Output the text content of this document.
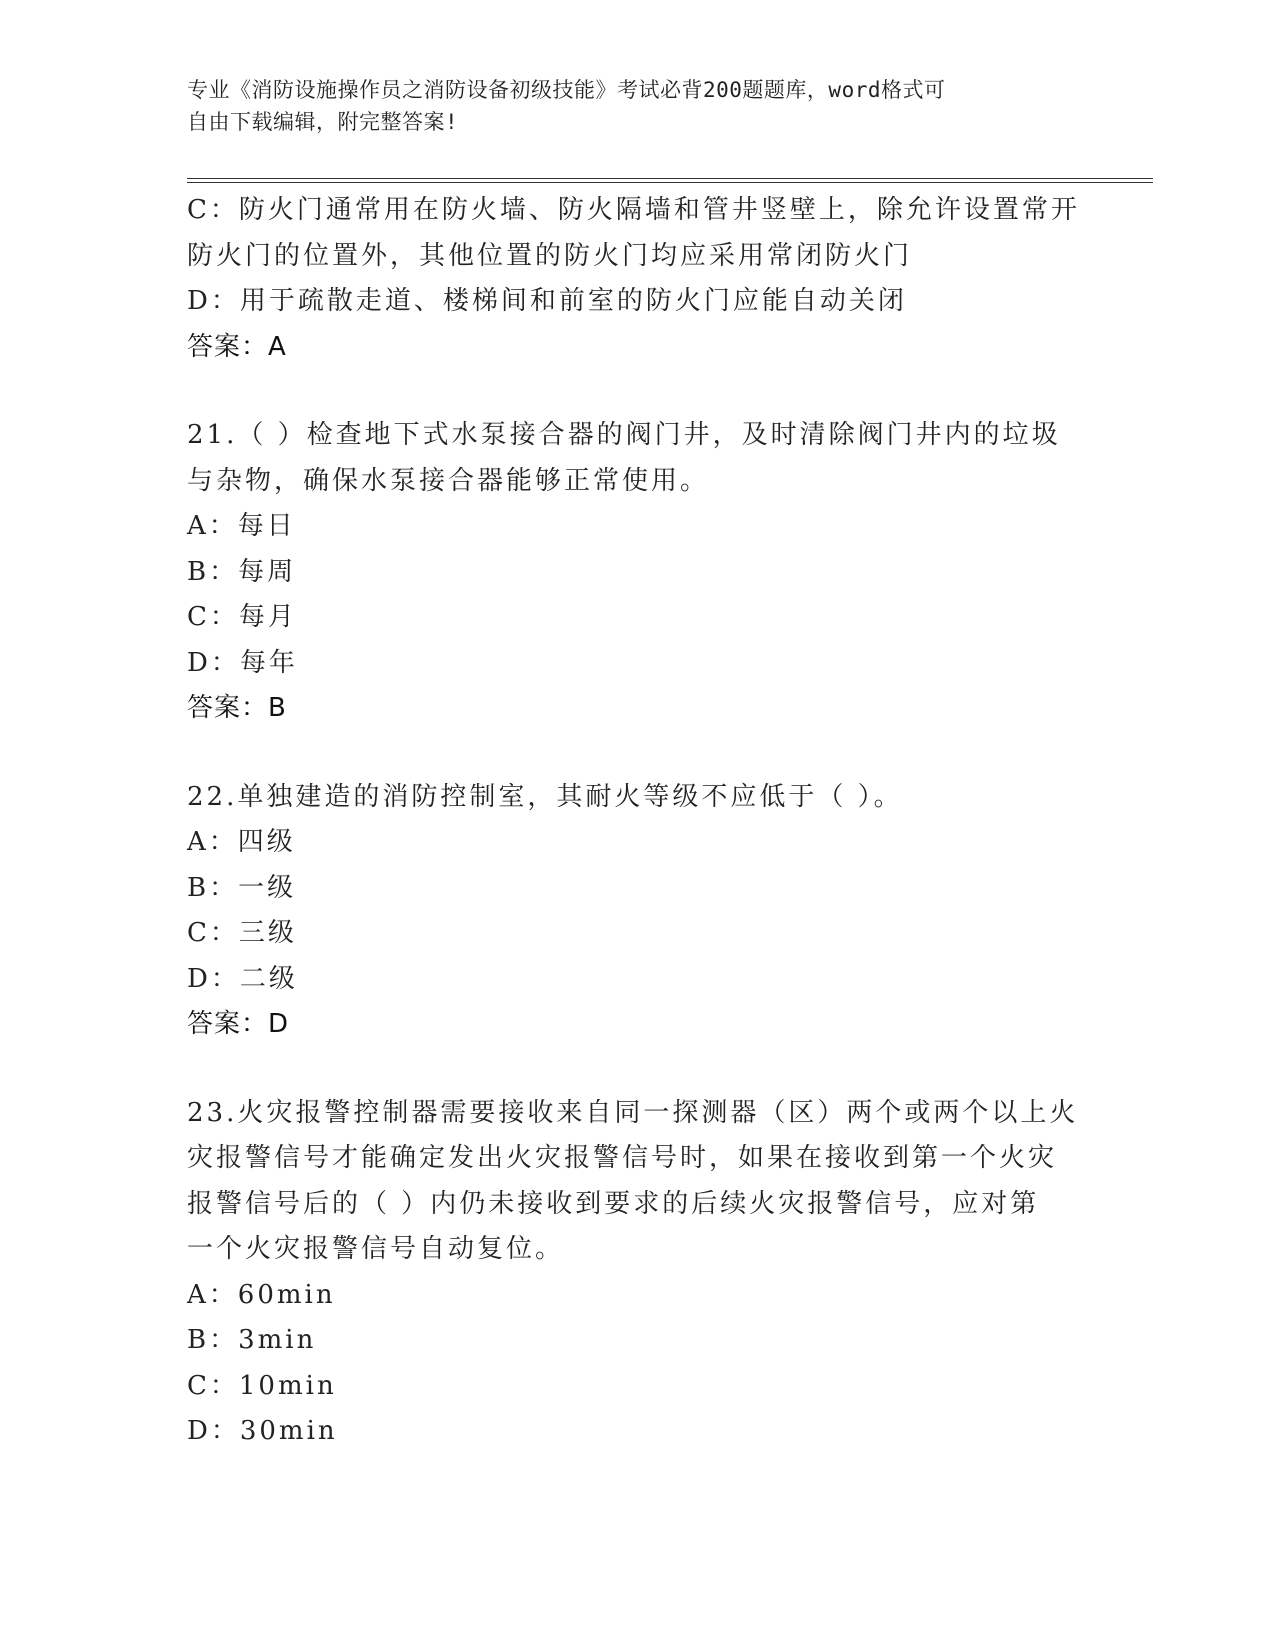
专业《消防设施操作员之消防设备初级技能》考试必背200题题库，word格式可
自由下载编辑，附完整答案!
C：防火门通常用在防火墙、防火隔墙和管井竖壁上，除允许设置常开
防火门的位置外，其他位置的防火门均应采用常闭防火门
D：用于疏散走道、楼梯间和前室的防火门应能自动关闭
答案：A
21.（ ）检查地下式水泵接合器的阀门井，及时清除阀门井内的垃圾
与杂物，确保水泵接合器能够正常使用。
A：每日
B：每周
C：每月
D：每年
答案：B
22.单独建造的消防控制室，其耐火等级不应低于（ ）。
A：四级
B：一级
C：三级
D：二级
答案：D
23.火灾报警控制器需要接收来自同一探测器（区）两个或两个以上火
灾报警信号才能确定发出火灾报警信号时，如果在接收到第一个火灾
报警信号后的（ ）内仍未接收到要求的后续火灾报警信号，应对第
一个火灾报警信号自动复位。
A：60min
B：3min
C：10min
D：30min
